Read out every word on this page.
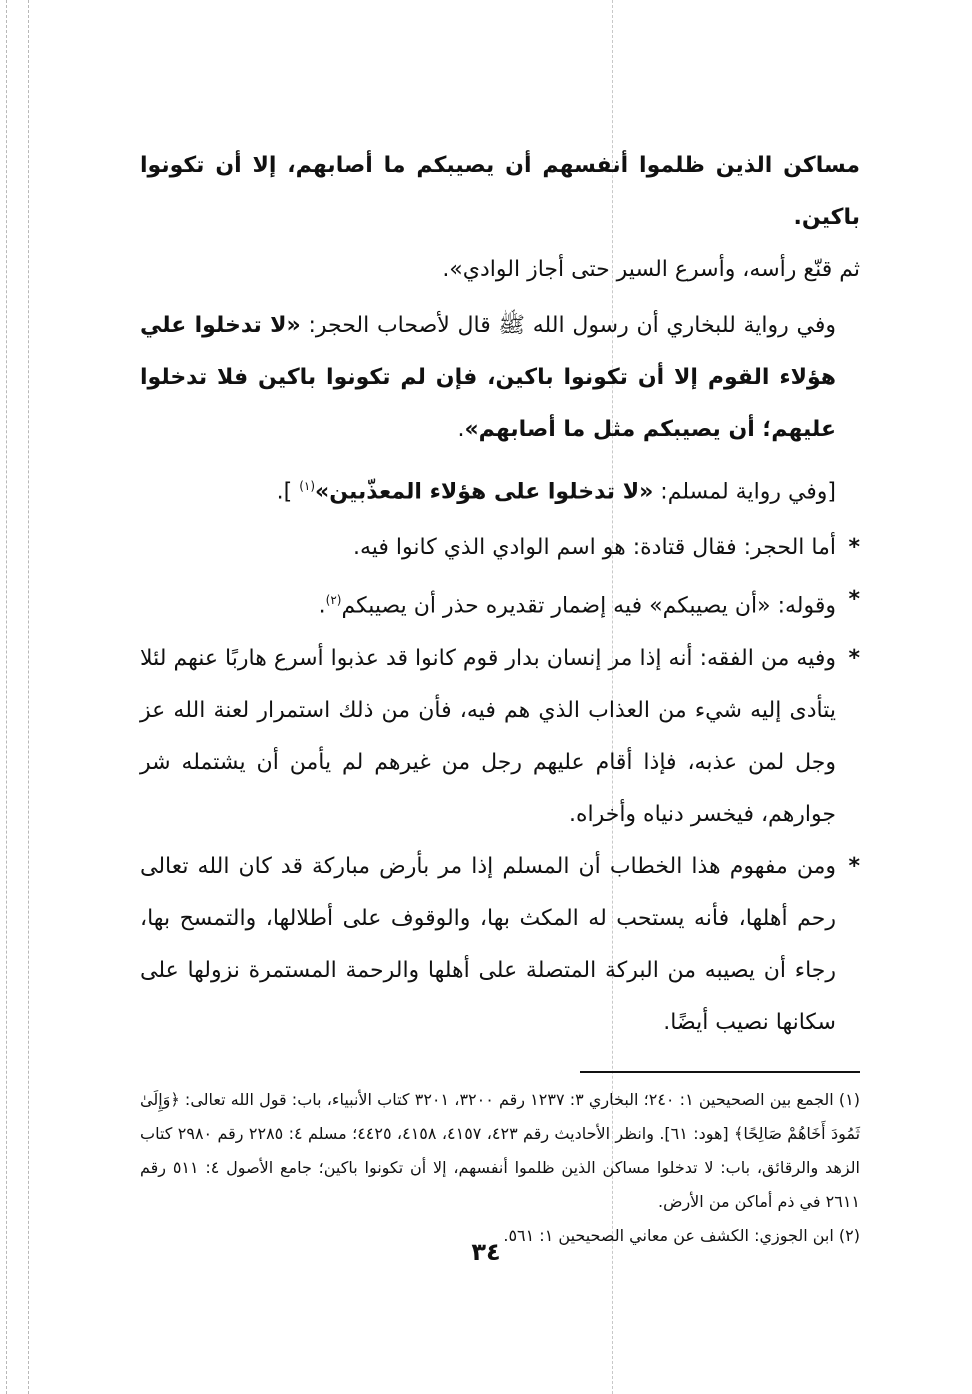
مساكن الذين ظلموا أنفسهم أن يصيبكم ما أصابهم، إلا أن تكونوا باكين.
ثم قنّع رأسه، وأسرع السير حتى أجاز الوادي».

وفي رواية للبخاري أن رسول الله ﷺ قال لأصحاب الحجر: «لا تدخلوا علي هؤلاء القوم إلا أن تكونوا باكين، فإن لم تكونوا باكين فلا تدخلوا عليهم؛ أن يصيبكم مثل ما أصابهم».

[وفي رواية لمسلم: «لا تدخلوا على هؤلاء المعذّبين»$^{(١)}$ ].

*
أما الحجر: فقال قتادة: هو اسم الوادي الذي كانوا فيه.
*
وقوله: «أن يصيبكم» فيه إضمار تقديره حذر أن يصيبكم$^{(٢)}$.
*
وفيه من الفقه: أنه إذا مر إنسان بدار قوم كانوا قد عذبوا أسرع هاربًا عنهم لئلا يتأدى إليه شيء من العذاب الذي هم فيه، فأن من ذلك استمرار لعنة الله عز وجل لمن عذبه، فإذا أقام عليهم رجل من غيرهم لم يأمن أن يشتمله شر جوارهم، فيخسر دنياه وأخراه.
*
ومن مفهوم هذا الخطاب أن المسلم إذا مر بأرض مباركة قد كان الله تعالى رحم أهلها، فأنه يستحب له المكث بها، والوقوف على أطلالها، والتمسح بها، رجاء أن يصيبه من البركة المتصلة على أهلها والرحمة المستمرة نزولها على سكانها نصيب أيضًا.

(١) الجمع بين الصحيحين ١: ٢٤٠؛ البخاري ٣: ١٢٣٧ رقم ٣٢٠٠، ٣٢٠١ كتاب الأنبياء، باب: قول الله تعالى: ﴿وَإِلَىٰ ثَمُودَ أَخَاهُمْ صَالِحًا﴾ [هود: ٦١]. وانظر الأحاديث رقم ٤٢٣، ٤١٥٧، ٤١٥٨، ٤٤٢٥؛ مسلم ٤: ٢٢٨٥ رقم ٢٩٨٠ كتاب الزهد والرقائق، باب: لا تدخلوا مساكن الذين ظلموا أنفسهم، إلا أن تكونوا باكين؛ جامع الأصول ٤: ٥١١ رقم ٢٦١١ في ذم أماكن من الأرض.

(٢) ابن الجوزي: الكشف عن معاني الصحيحين ١: ٥٦١.

٣٤
